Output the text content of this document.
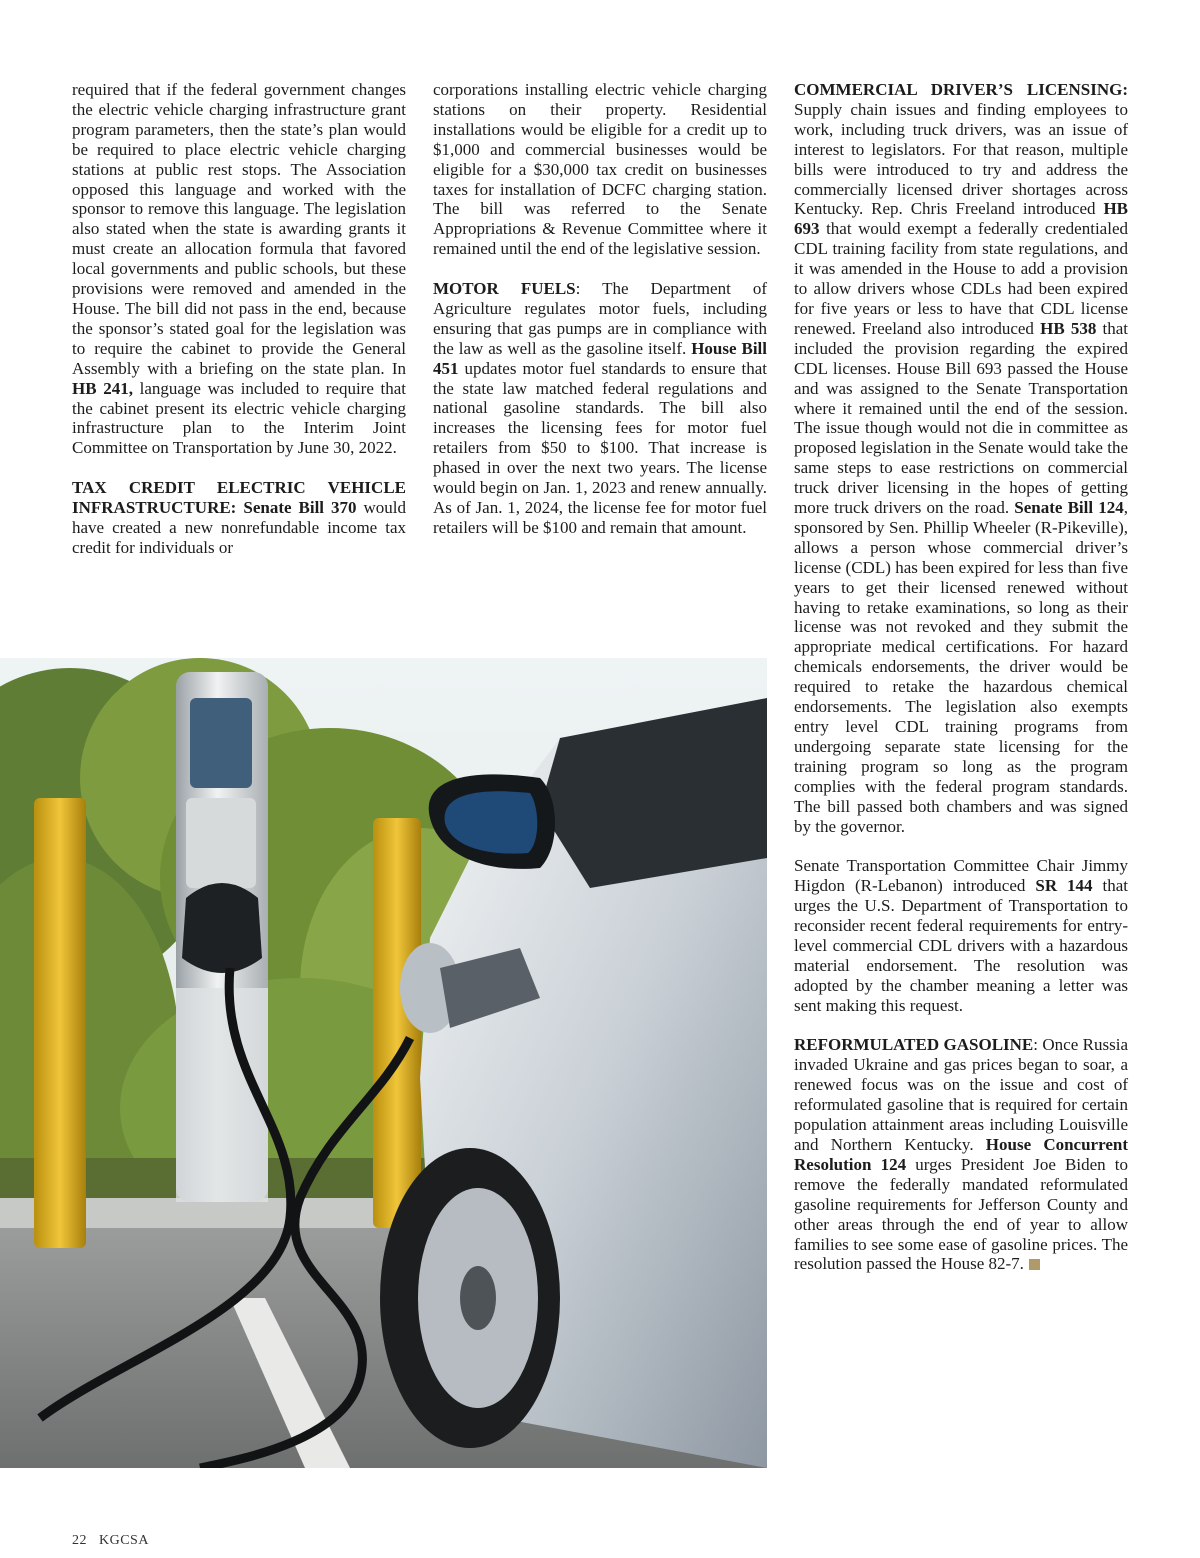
required that if the federal government changes the electric vehicle charging infrastructure grant program parameters, then the state’s plan would be required to place electric vehicle charging stations at public rest stops. The Association opposed this language and worked with the sponsor to remove this language. The legislation also stated when the state is awarding grants it must create an allocation formula that favored local governments and public schools, but these provisions were removed and amended in the House. The bill did not pass in the end, because the sponsor’s stated goal for the legislation was to require the cabinet to provide the General Assembly with a briefing on the state plan. In HB 241, language was included to require that the cabinet present its electric vehicle charging infrastructure plan to the Interim Joint Committee on Transportation by June 30, 2022.

TAX CREDIT ELECTRIC VEHICLE INFRASTRUCTURE: Senate Bill 370 would have created a new nonrefundable income tax credit for individuals or

corporations installing electric vehicle charging stations on their property. Residential installations would be eligible for a credit up to $1,000 and commercial businesses would be eligible for a $30,000 tax credit on businesses taxes for installation of DCFC charging station. The bill was referred to the Senate Appropriations & Revenue Committee where it remained until the end of the legislative session.

MOTOR FUELS: The Department of Agriculture regulates motor fuels, including ensuring that gas pumps are in compliance with the law as well as the gasoline itself. House Bill 451 updates motor fuel standards to ensure that the state law matched federal regulations and national gasoline standards. The bill also increases the licensing fees for motor fuel retailers from $50 to $100. That increase is phased in over the next two years. The license would begin on Jan. 1, 2023 and renew annually. As of Jan. 1, 2024, the license fee for motor fuel retailers will be $100 and remain that amount.

COMMERCIAL DRIVER’S LICENSING: Supply chain issues and finding employees to work, including truck drivers, was an issue of interest to legislators. For that reason, multiple bills were introduced to try and address the commercially licensed driver shortages across Kentucky. Rep. Chris Freeland introduced HB 693 that would exempt a federally credentialed CDL training facility from state regulations, and it was amended in the House to add a provision to allow drivers whose CDLs had been expired for five years or less to have that CDL license renewed. Freeland also introduced HB 538 that included the provision regarding the expired CDL licenses. House Bill 693 passed the House and was assigned to the Senate Transportation where it remained until the end of the session. The issue though would not die in committee as proposed legislation in the Senate would take the same steps to ease restrictions on commercial truck driver licensing in the hopes of getting more truck drivers on the road. Senate Bill 124, sponsored by Sen. Phillip Wheeler (R-Pikeville), allows a person whose commercial driver’s license (CDL) has been expired for less than five years to get their licensed renewed without having to retake examinations, so long as their license was not revoked and they submit the appropriate medical certifications. For hazard chemicals endorsements, the driver would be required to retake the hazardous chemical endorsements. The legislation also exempts entry level CDL training programs from undergoing separate state licensing for the training program so long as the program complies with the federal program standards. The bill passed both chambers and was signed by the governor.

Senate Transportation Committee Chair Jimmy Higdon (R-Lebanon) introduced SR 144 that urges the U.S. Department of Transportation to reconsider recent federal requirements for entry-level commercial CDL drivers with a hazardous material endorsement. The resolution was adopted by the chamber meaning a letter was sent making this request.

REFORMULATED GASOLINE: Once Russia invaded Ukraine and gas prices began to soar, a renewed focus was on the issue and cost of reformulated gasoline that is required for certain population attainment areas including Louisville and Northern Kentucky. House Concurrent Resolution 124 urges President Joe Biden to remove the federally mandated reformulated gasoline requirements for Jefferson County and other areas through the end of year to allow families to see some ease of gasoline prices. The resolution passed the House 82-7.

22 KGCSA
